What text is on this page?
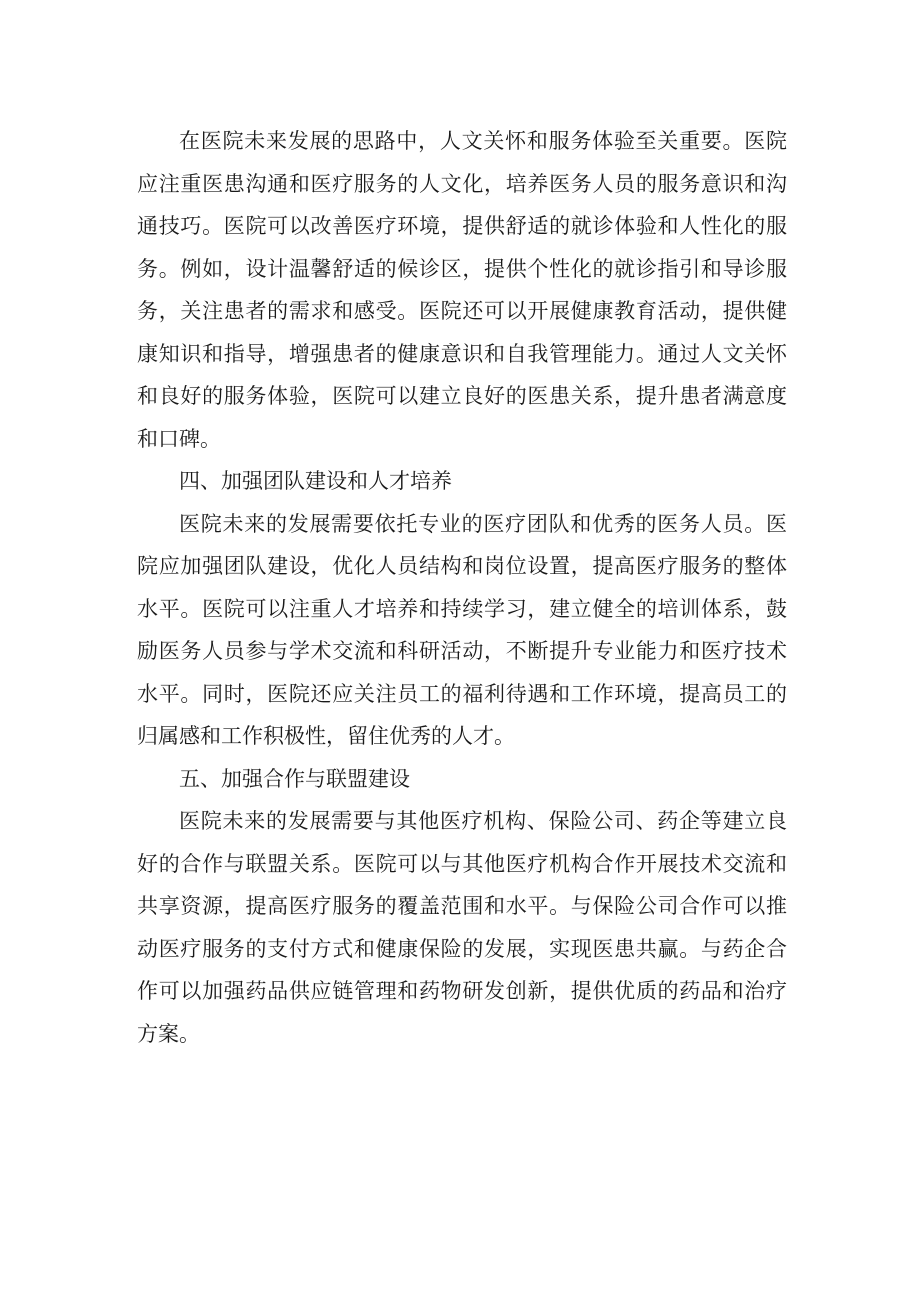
在医院未来发展的思路中，人文关怀和服务体验至关重要。医院应注重医患沟通和医疗服务的人文化，培养医务人员的服务意识和沟通技巧。医院可以改善医疗环境，提供舒适的就诊体验和人性化的服务。例如，设计温馨舒适的候诊区，提供个性化的就诊指引和导诊服务，关注患者的需求和感受。医院还可以开展健康教育活动，提供健康知识和指导，增强患者的健康意识和自我管理能力。通过人文关怀和良好的服务体验，医院可以建立良好的医患关系，提升患者满意度和口碑。

四、加强团队建设和人才培养

医院未来的发展需要依托专业的医疗团队和优秀的医务人员。医院应加强团队建设，优化人员结构和岗位设置，提高医疗服务的整体水平。医院可以注重人才培养和持续学习，建立健全的培训体系，鼓励医务人员参与学术交流和科研活动，不断提升专业能力和医疗技术水平。同时，医院还应关注员工的福利待遇和工作环境，提高员工的归属感和工作积极性，留住优秀的人才。

五、加强合作与联盟建设

医院未来的发展需要与其他医疗机构、保险公司、药企等建立良好的合作与联盟关系。医院可以与其他医疗机构合作开展技术交流和共享资源，提高医疗服务的覆盖范围和水平。与保险公司合作可以推动医疗服务的支付方式和健康保险的发展，实现医患共赢。与药企合作可以加强药品供应链管理和药物研发创新，提供优质的药品和治疗方案。
